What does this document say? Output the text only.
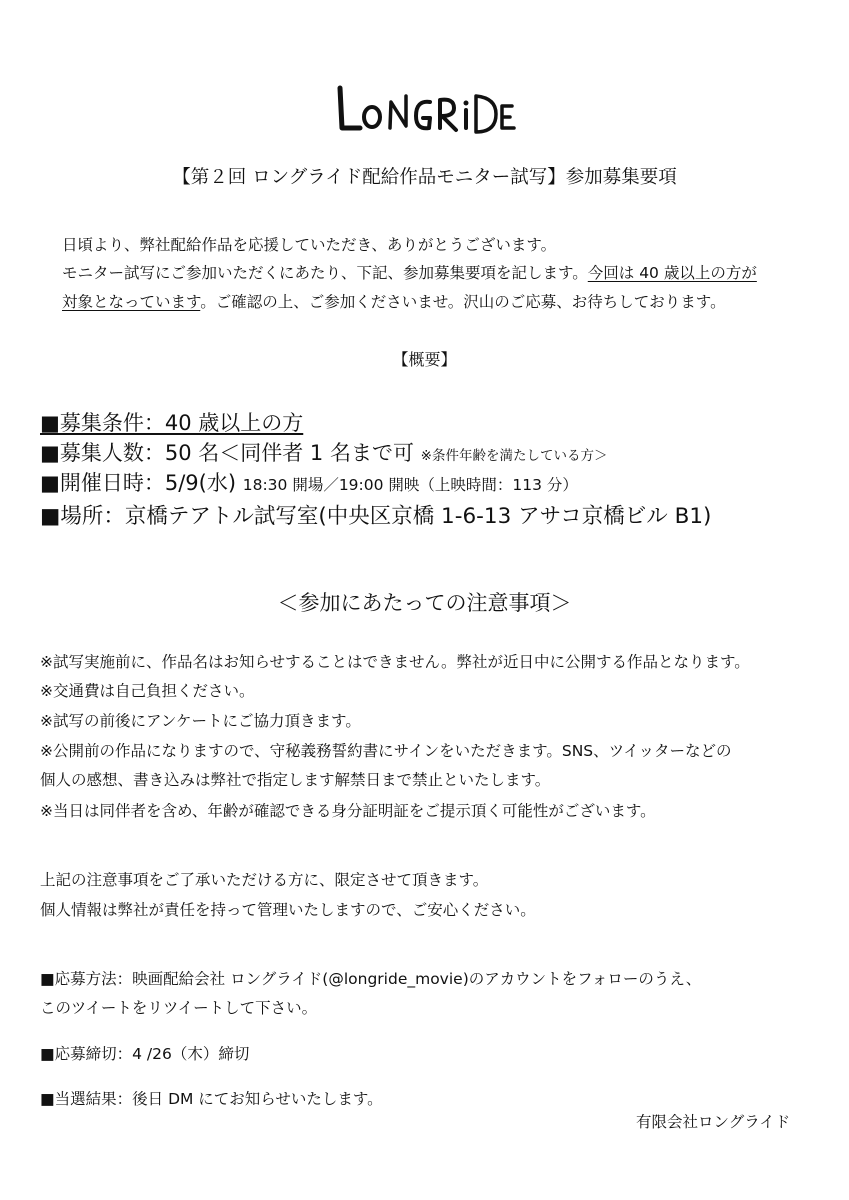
LONGRIDE
【第２回 ロングライド配給作品モニター試写】参加募集要項
日頃より、弊社配給作品を応援していただき、ありがとうございます。
モニター試写にご参加いただくにあたり、下記、参加募集要項を記します。今回は 40 歳以上の方が
対象となっています。ご確認の上、ご参加くださいませ。沢山のご応募、お待ちしております。
【概要】
■募集条件：40 歳以上の方
■募集人数：50 名＜同伴者 1 名まで可 ※条件年齢を満たしている方＞
■開催日時：5/9(水) 18:30 開場／19:00 開映（上映時間：113 分）
■場所：京橋テアトル試写室(中央区京橋 1-6-13 アサコ京橋ビル B1)
＜参加にあたっての注意事項＞
※試写実施前に、作品名はお知らせすることはできません。弊社が近日中に公開する作品となります。
※交通費は自己負担ください。
※試写の前後にアンケートにご協力頂きます。
※公開前の作品になりますので、守秘義務誓約書にサインをいただきます。SNS、ツイッターなどの
個人の感想、書き込みは弊社で指定します解禁日まで禁止といたします。
※当日は同伴者を含め、年齢が確認できる身分証明証をご提示頂く可能性がございます。
上記の注意事項をご了承いただける方に、限定させて頂きます。
個人情報は弊社が責任を持って管理いたしますので、ご安心ください。
■応募方法：映画配給会社 ロングライド(@longride_movie)のアカウントをフォローのうえ、
このツイートをリツイートして下さい。
■応募締切：4 /26（木）締切
■当選結果：後日 DM にてお知らせいたします。
有限会社ロングライド
